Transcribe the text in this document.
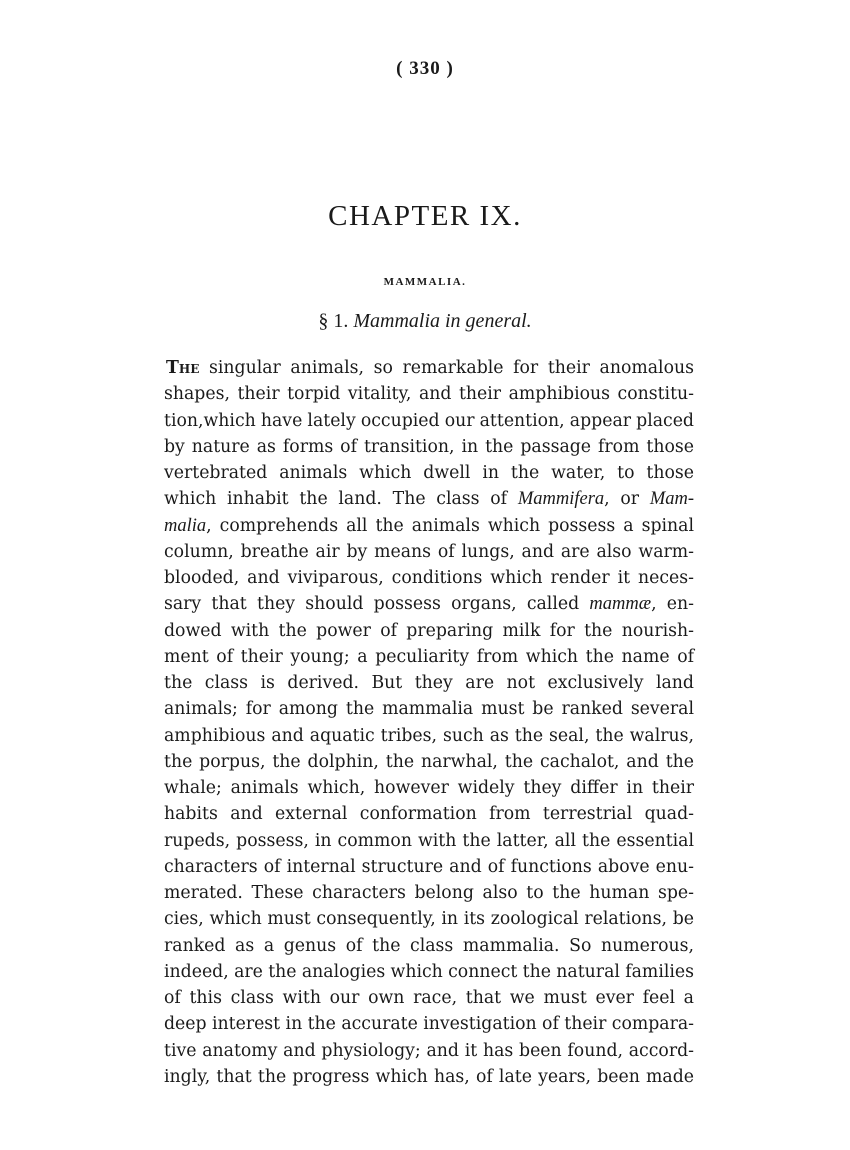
( 330 )
CHAPTER IX.
MAMMALIA.
§ 1. Mammalia in general.
The singular animals, so remarkable for their anomalous
shapes, their torpid vitality, and their amphibious constitu-
tion,which have lately occupied our attention, appear placed
by nature as forms of transition, in the passage from those
vertebrated animals which dwell in the water, to those
which inhabit the land. The class of Mammifera, or Mam-
malia, comprehends all the animals which possess a spinal
column, breathe air by means of lungs, and are also warm-
blooded, and viviparous, conditions which render it neces-
sary that they should possess organs, called mammæ, en-
dowed with the power of preparing milk for the nourish-
ment of their young; a peculiarity from which the name of
the class is derived. But they are not exclusively land
animals; for among the mammalia must be ranked several
amphibious and aquatic tribes, such as the seal, the walrus,
the porpus, the dolphin, the narwhal, the cachalot, and the
whale; animals which, however widely they differ in their
habits and external conformation from terrestrial quad-
rupeds, possess, in common with the latter, all the essential
characters of internal structure and of functions above enu-
merated. These characters belong also to the human spe-
cies, which must consequently, in its zoological relations, be
ranked as a genus of the class mammalia. So numerous,
indeed, are the analogies which connect the natural families
of this class with our own race, that we must ever feel a
deep interest in the accurate investigation of their compara-
tive anatomy and physiology; and it has been found, accord-
ingly, that the progress which has, of late years, been made
